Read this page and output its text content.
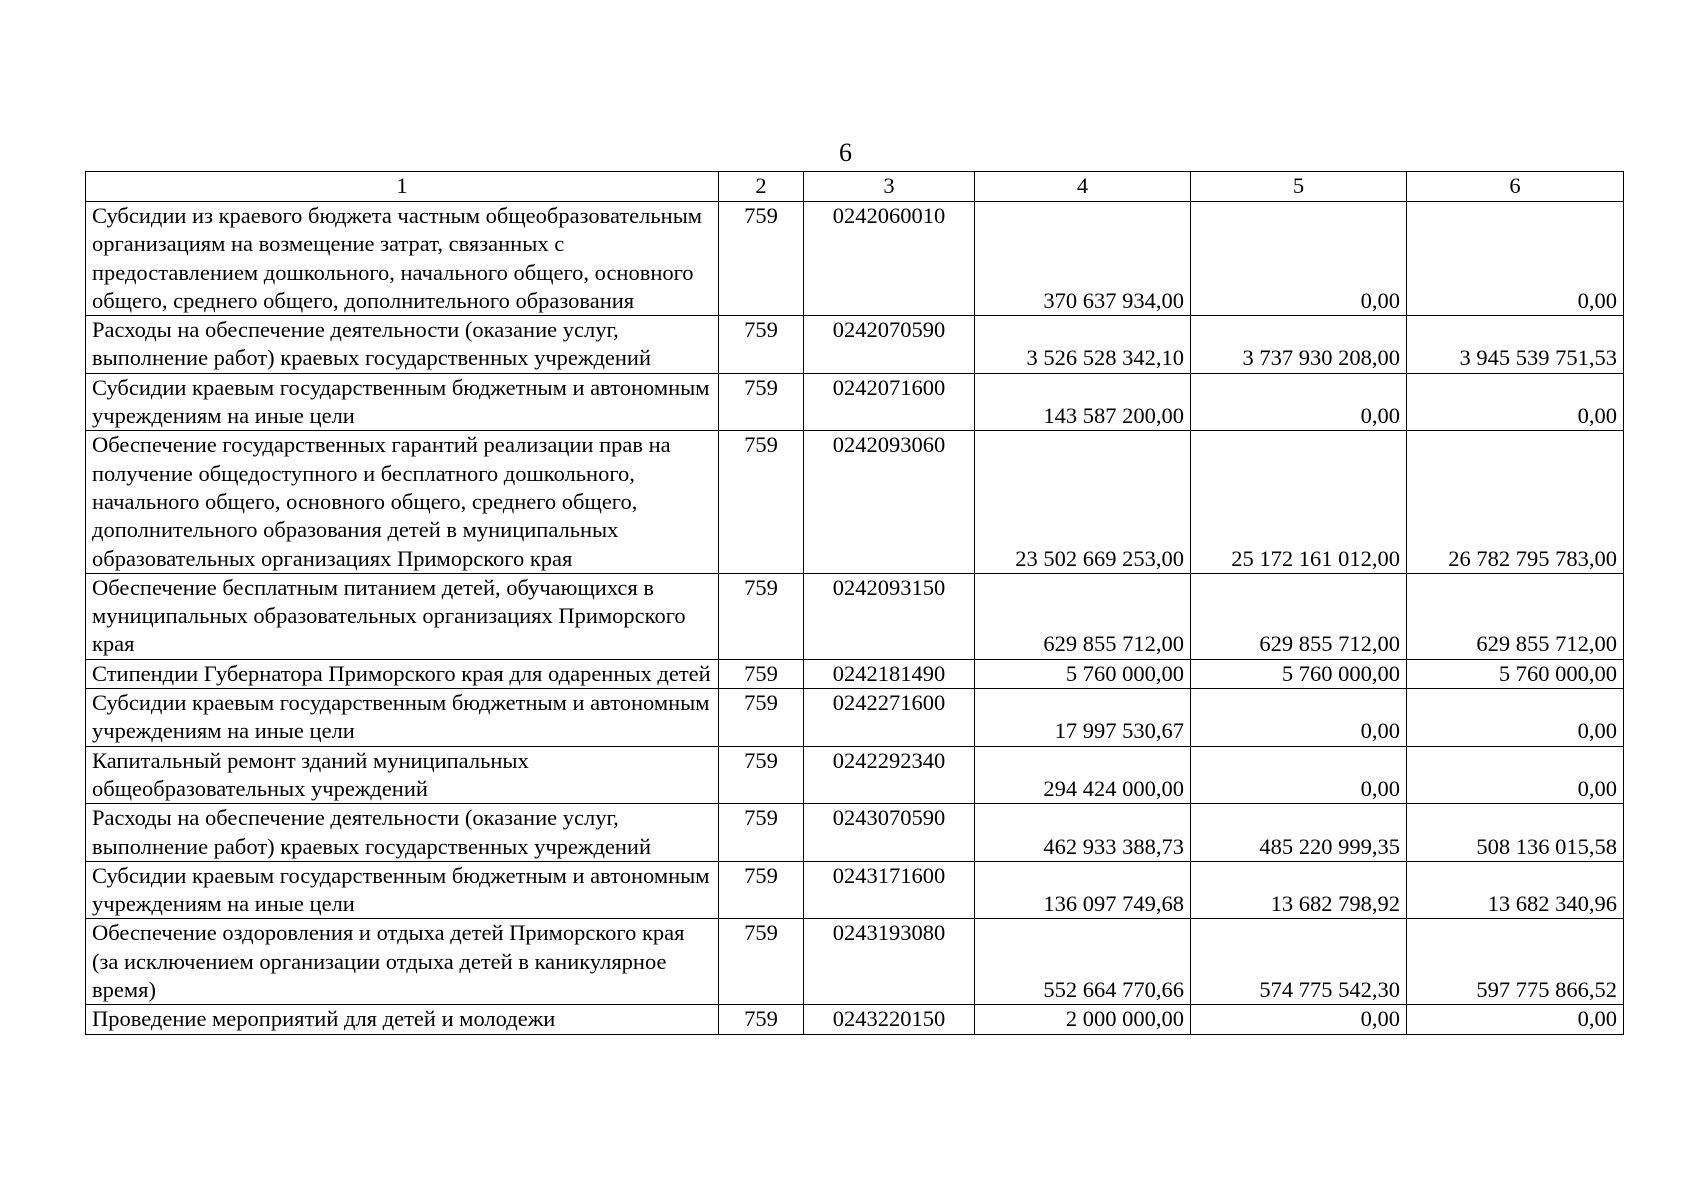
6
1	2	3	4	5	6
Субсидии из краевого бюджета частным общеобразовательным организациям на возмещение затрат, связанных с предоставлением дошкольного, начального общего, основного общего, среднего общего, дополнительного образования	759	0242060010	370 637 934,00	0,00	0,00
Расходы на обеспечение деятельности (оказание услуг, выполнение работ) краевых государственных учреждений	759	0242070590	3 526 528 342,10	3 737 930 208,00	3 945 539 751,53
Субсидии краевым государственным бюджетным и автономным учреждениям на иные цели	759	0242071600	143 587 200,00	0,00	0,00
Обеспечение государственных гарантий реализации прав на получение общедоступного и бесплатного дошкольного, начального общего, основного общего, среднего общего, дополнительного образования детей в муниципальных образовательных организациях Приморского края	759	0242093060	23 502 669 253,00	25 172 161 012,00	26 782 795 783,00
Обеспечение бесплатным питанием детей, обучающихся в муниципальных образовательных организациях Приморского края	759	0242093150	629 855 712,00	629 855 712,00	629 855 712,00
Стипендии Губернатора Приморского края для одаренных детей	759	0242181490	5 760 000,00	5 760 000,00	5 760 000,00
Субсидии краевым государственным бюджетным и автономным учреждениям на иные цели	759	0242271600	17 997 530,67	0,00	0,00
Капитальный ремонт зданий муниципальных общеобразовательных учреждений	759	0242292340	294 424 000,00	0,00	0,00
Расходы на обеспечение деятельности (оказание услуг, выполнение работ) краевых государственных учреждений	759	0243070590	462 933 388,73	485 220 999,35	508 136 015,58
Субсидии краевым государственным бюджетным и автономным учреждениям на иные цели	759	0243171600	136 097 749,68	13 682 798,92	13 682 340,96
Обеспечение оздоровления и отдыха детей Приморского края (за исключением организации отдыха детей в каникулярное время)	759	0243193080	552 664 770,66	574 775 542,30	597 775 866,52
Проведение мероприятий для детей и молодежи	759	0243220150	2 000 000,00	0,00	0,00
